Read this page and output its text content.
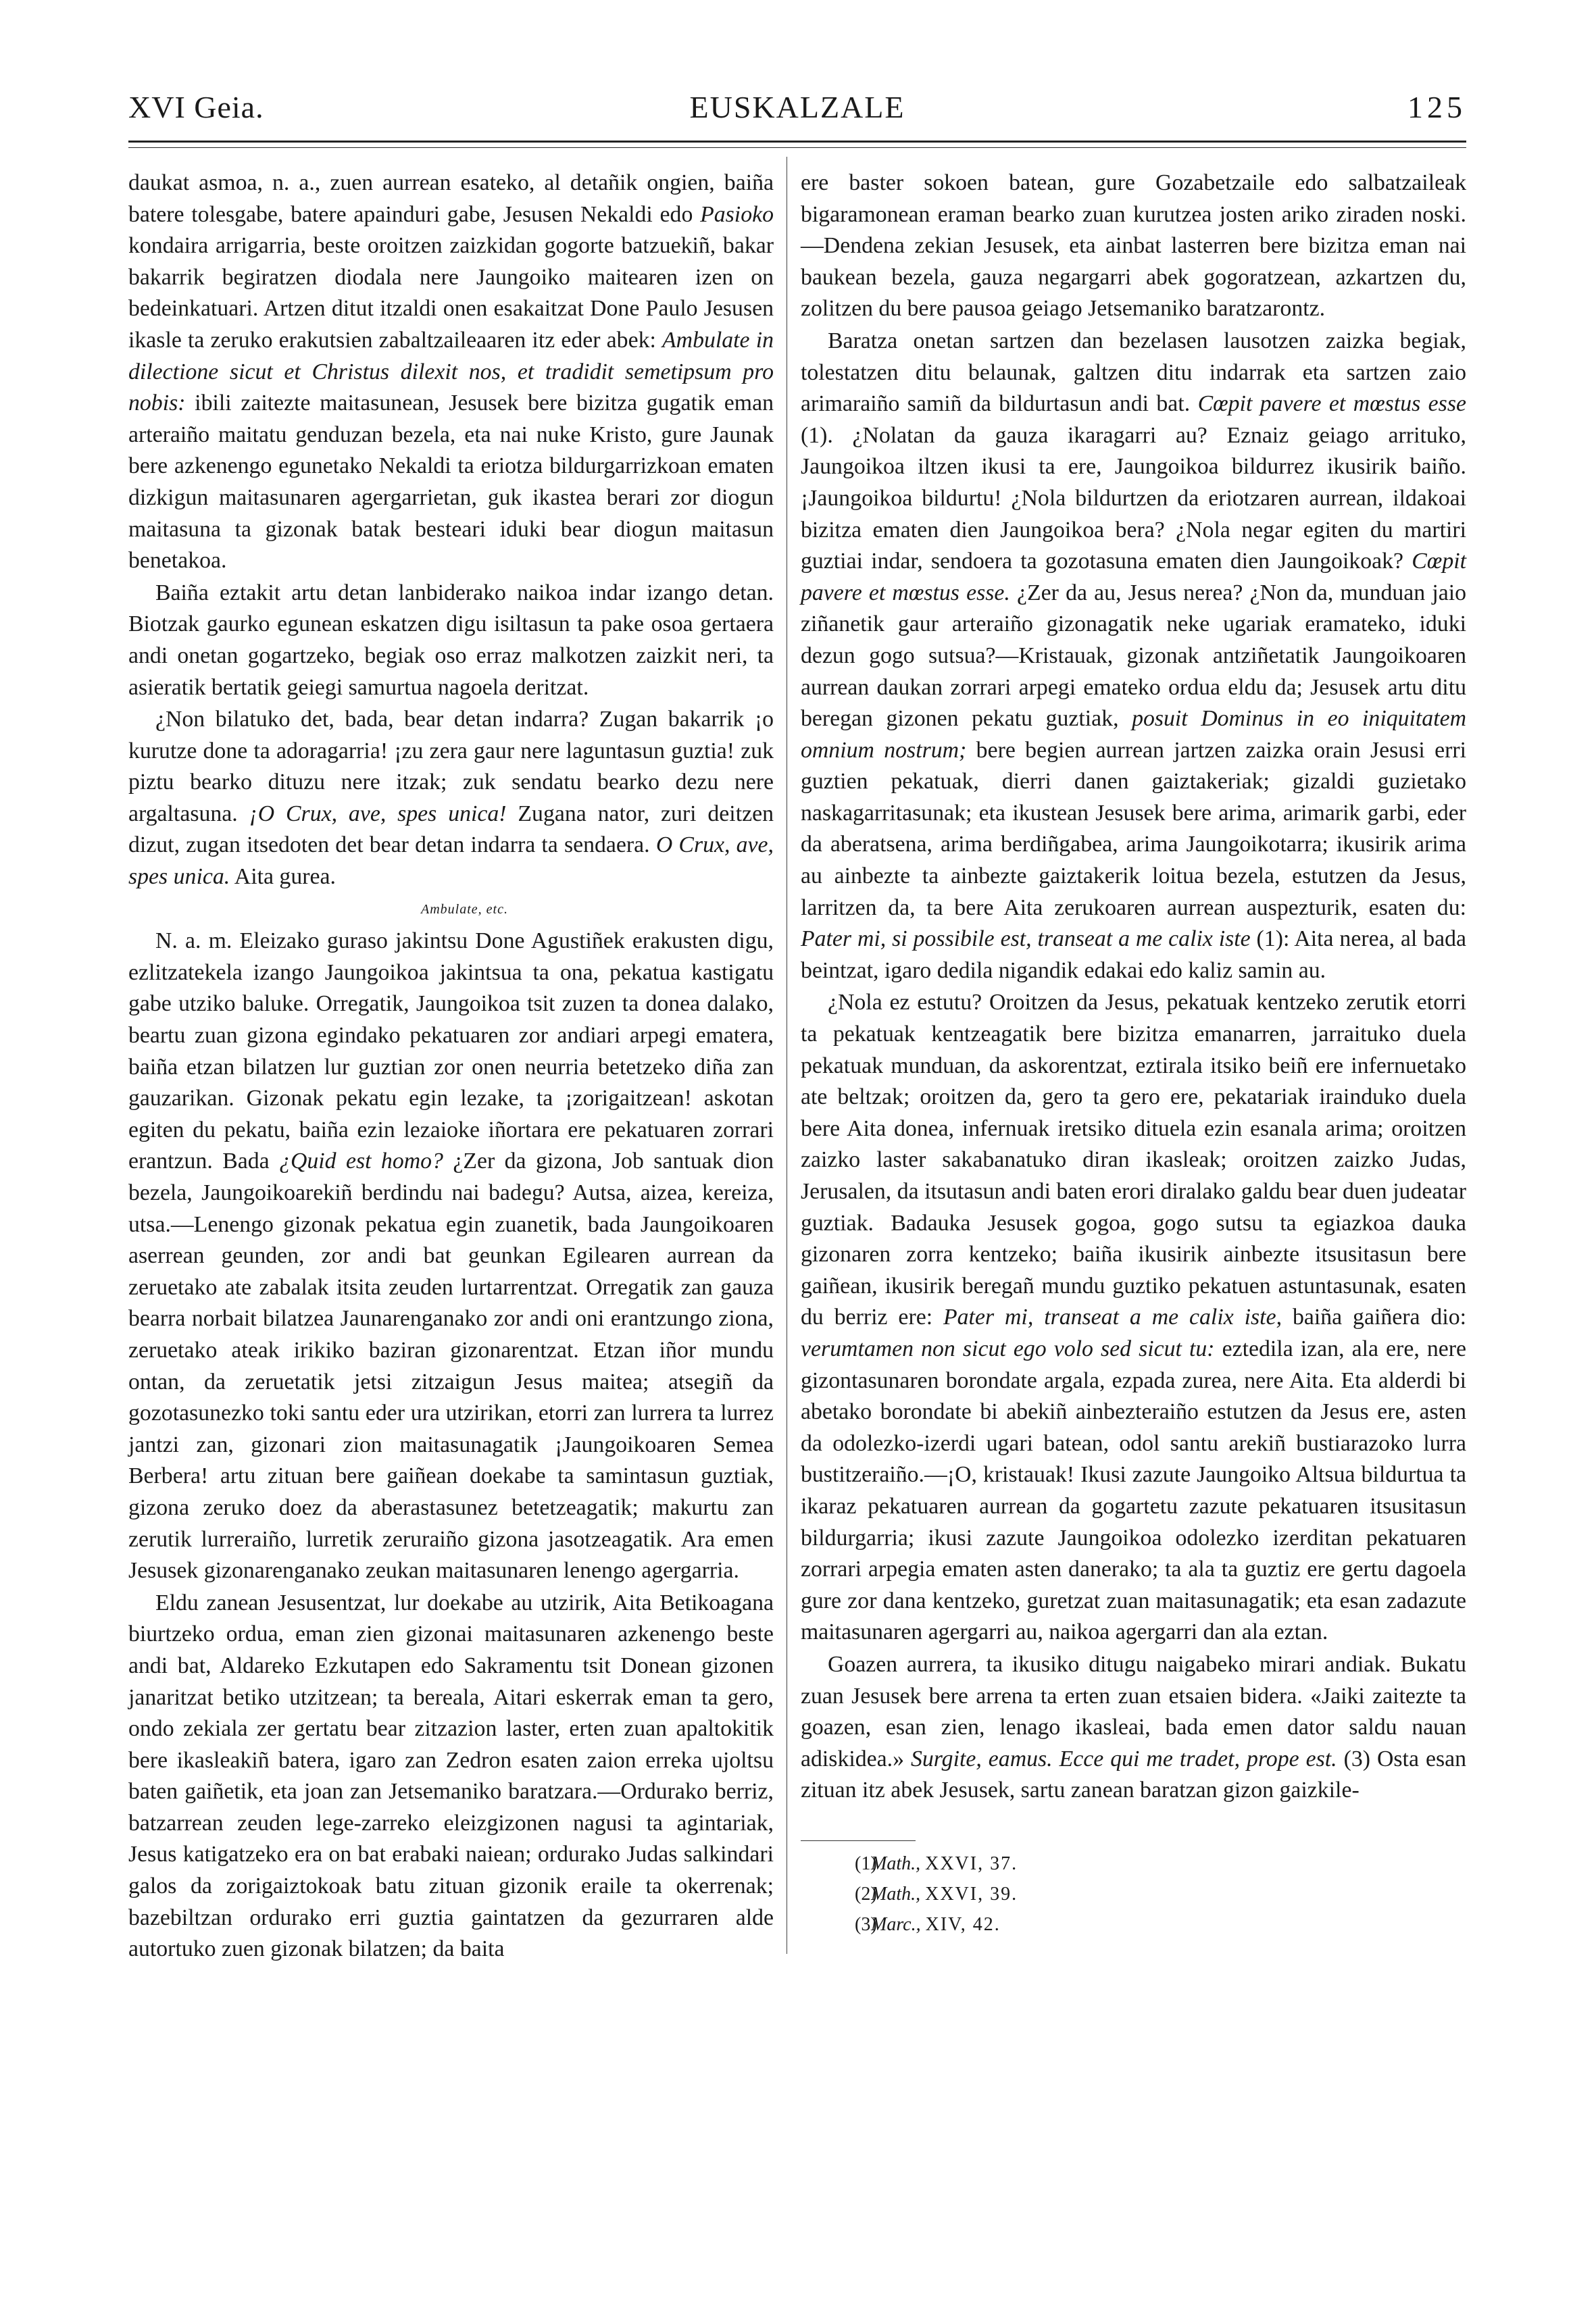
XVI Geia.	EUSKALZALE	125

daukat asmoa, n. a., zuen aurrean esateko, al detañik ongien, baiña batere tolesgabe, batere apainduri gabe, Jesusen Nekaldi edo Pasioko kondaira arrigarria, beste oroitzen zaizkidan gogorte batzuekiñ, bakar bakarrik begiratzen diodala nere Jaungoiko maitearen izen on bedeinkatuari. Artzen ditut itzaldi onen esakaitzat Done Paulo Jesusen ikasle ta zeruko erakutsien zabaltzaileaaren itz eder abek: Ambulate in dilectione sicut et Christus dilexit nos, et tradidit semetipsum pro nobis: ibili zaitezte maitasunean, Jesusek bere bizitza gugatik eman arteraiño maitatu genduzan bezela, eta nai nuke Kristo, gure Jaunak bere azkenengo egunetako Nekaldi ta eriotza bildurgarrizkoan ematen dizkigun maitasunaren agergarrietan, guk ikastea berari zor diogun maitasuna ta gizonak batak besteari iduki bear diogun maitasun benetakoa.

Baiña eztakit artu detan lanbiderako naikoa indar izango detan. Biotzak gaurko egunean eskatzen digu isiltasun ta pake osoa gertaera andi onetan gogartzeko, begiak oso erraz malkotzen zaizkit neri, ta asieratik bertatik geiegi samurtua nagoela deritzat.

¿Non bilatuko det, bada, bear detan indarra? Zugan bakarrik ¡o kurutze done ta adoragarria! ¡zu zera gaur nere laguntasun guztia! zuk piztu bearko dituzu nere itzak; zuk sendatu bearko dezu nere argaltasuna. ¡O Crux, ave, spes unica! Zugana nator, zuri deitzen dizut, zugan itsedoten det bear detan indarra ta sendaera. O Crux, ave, spes unica. Aita gurea.

Ambulate, etc.

N. a. m. Eleizako guraso jakintsu Done Agustiñek erakusten digu, ezlitzatekela izango Jaungoikoa jakintsua ta ona, pekatua kastigatu gabe utziko baluke. Orregatik, Jaungoikoa tsit zuzen ta donea dalako, beartu zuan gizona egindako pekatuaren zor andiari arpegi ematera, baiña etzan bilatzen lur guztian zor onen neurria betetzeko diña zan gauzarikan. Gizonak pekatu egin lezake, ta ¡zorigaitzean! askotan egiten du pekatu, baiña ezin lezaioke iñortara ere pekatuaren zorrari erantzun. Bada ¿Quid est homo? ¿Zer da gizona, Job santuak dion bezela, Jaungoikoarekiñ berdindu nai badegu? Autsa, aizea, kereiza, utsa.—Lenengo gizonak pekatua egin zuanetik, bada Jaungoikoaren aserrean geunden, zor andi bat geunkan Egilearen aurrean da zeruetako ate zabalak itsita zeuden lurtarrentzat. Orregatik zan gauza bearra norbait bilatzea Jaunarenganako zor andi oni erantzungo ziona, zeruetako ateak irikiko baziran gizonarentzat. Etzan iñor mundu ontan, da zeruetatik jetsi zitzaigun Jesus maitea; atsegiñ da gozotasunezko toki santu eder ura utzirikan, etorri zan lurrera ta lurrez jantzi zan, gizonari zion maitasunagatik ¡Jaungoikoaren Semea Berbera! artu zituan bere gaiñean doekabe ta samintasun guztiak, gizona zeruko doez da aberastasunez betetzeagatik; makurtu zan zerutik lurreraiño, lurretik zeruraiño gizona jasotzeagatik. Ara emen Jesusek gizonarenganako zeukan maitasunaren lenengo agergarria.

Eldu zanean Jesusentzat, lur doekabe au utzirik, Aita Betikoagana biurtzeko ordua, eman zien gizonai maitasunaren azkenengo beste andi bat, Aldareko Ezkutapen edo Sakramentu tsit Donean gizonen janaritzat betiko utzitzean; ta bereala, Aitari eskerrak eman ta gero, ondo zekiala zer gertatu bear zitzazion laster, erten zuan apaltokitik bere ikasleakiñ batera, igaro zan Zedron esaten zaion erreka ujoltsu baten gaiñetik, eta joan zan Jetsemaniko baratzara.—Ordurako berriz, batzarrean zeuden lege-zarreko eleizgizonen nagusi ta agintariak, Jesus katigatzeko era on bat erabaki naiean; ordurako Judas salkindari galos da zorigaiztokoak batu zituan gizonik eraile ta okerrenak; bazebiltzan ordurako erri guztia gaintatzen da gezurraren alde autortuko zuen gizonak bilatzen; da baita

ere baster sokoen batean, gure Gozabetzaile edo salbatzaileak bigaramonean eraman bearko zuan kurutzea josten ariko ziraden noski.—Dendena zekian Jesusek, eta ainbat lasterren bere bizitza eman nai baukean bezela, gauza negargarri abek gogoratzean, azkartzen du, zolitzen du bere pausoa geiago Jetsemaniko baratzarontz.

Baratza onetan sartzen dan bezelasen lausotzen zaizka begiak, tolestatzen ditu belaunak, galtzen ditu indarrak eta sartzen zaio arimaraiño samiñ da bildurtasun andi bat. Cœpit pavere et mœstus esse (1). ¿Nolatan da gauza ikaragarri au? Eznaiz geiago arrituko, Jaungoikoa iltzen ikusi ta ere, Jaungoikoa bildurrez ikusirik baiño. ¡Jaungoikoa bildurtu! ¿Nola bildurtzen da eriotzaren aurrean, ildakoai bizitza ematen dien Jaungoikoa bera? ¿Nola negar egiten du martiri guztiai indar, sendoera ta gozotasuna ematen dien Jaungoikoak? Cœpit pavere et mœstus esse. ¿Zer da au, Jesus nerea? ¿Non da, munduan jaio ziñanetik gaur arteraiño gizonagatik neke ugariak eramateko, iduki dezun gogo sutsua?—Kristauak, gizonak antziñetatik Jaungoikoaren aurrean daukan zorrari arpegi emateko ordua eldu da; Jesusek artu ditu beregan gizonen pekatu guztiak, posuit Dominus in eo iniquitatem omnium nostrum; bere begien aurrean jartzen zaizka orain Jesusi erri guztien pekatuak, dierri danen gaiztakeriak; gizaldi guzietako naskagarritasunak; eta ikustean Jesusek bere arima, arimarik garbi, eder da aberatsena, arima berdiñgabea, arima Jaungoikotarra; ikusirik arima au ainbezte ta ainbezte gaiztakerik loitua bezela, estutzen da Jesus, larritzen da, ta bere Aita zerukoaren aurrean auspezturik, esaten du: Pater mi, si possibile est, transeat a me calix iste (1): Aita nerea, al bada beintzat, igaro dedila nigandik edakai edo kaliz samin au.

¿Nola ez estutu? Oroitzen da Jesus, pekatuak kentzeko zerutik etorri ta pekatuak kentzeagatik bere bizitza emanarren, jarraituko duela pekatuak munduan, da askorentzat, eztirala itsiko beiñ ere infernuetako ate beltzak; oroitzen da, gero ta gero ere, pekatariak irainduko duela bere Aita donea, infernuak iretsiko dituela ezin esanala arima; oroitzen zaizko laster sakabanatuko diran ikasleak; oroitzen zaizko Judas, Jerusalen, da itsutasun andi baten erori diralako galdu bear duen judeatar guztiak. Badauka Jesusek gogoa, gogo sutsu ta egiazkoa dauka gizonaren zorra kentzeko; baiña ikusirik ainbezte itsusitasun bere gaiñean, ikusirik beregañ mundu guztiko pekatuen astuntasunak, esaten du berriz ere: Pater mi, transeat a me calix iste, baiña gaiñera dio: verumtamen non sicut ego volo sed sicut tu: eztedila izan, ala ere, nere gizontasunaren borondate argala, ezpada zurea, nere Aita. Eta alderdi bi abetako borondate bi abekiñ ainbezteraiño estutzen da Jesus ere, asten da odolezko-izerdi ugari batean, odol santu arekiñ bustiarazoko lurra bustitzeraiño.—¡O, kristauak! Ikusi zazute Jaungoiko Altsua bildurtua ta ikaraz pekatuaren aurrean da gogartetu zazute pekatuaren itsusitasun bildurgarria; ikusi zazute Jaungoikoa odolezko izerditan pekatuaren zorrari arpegia ematen asten danerako; ta ala ta guztiz ere gertu dagoela gure zor dana kentzeko, guretzat zuan maitasunagatik; eta esan zadazute maitasunaren agergarri au, naikoa agergarri dan ala eztan.

Goazen aurrera, ta ikusiko ditugu naigabeko mirari andiak. Bukatu zuan Jesusek bere arrena ta erten zuan etsaien bidera. «Jaiki zaitezte ta goazen, esan zien, lenago ikasleai, bada emen dator saldu nauan adiskidea.» Surgite, eamus. Ecce qui me tradet, prope est. (3) Osta esan zituan itz abek Jesusek, sartu zanean baratzan gizon gaizkile-

(1)Math., XXVI, 37.

(2)Math., XXVI, 39.

(3)Marc., XIV, 42.
